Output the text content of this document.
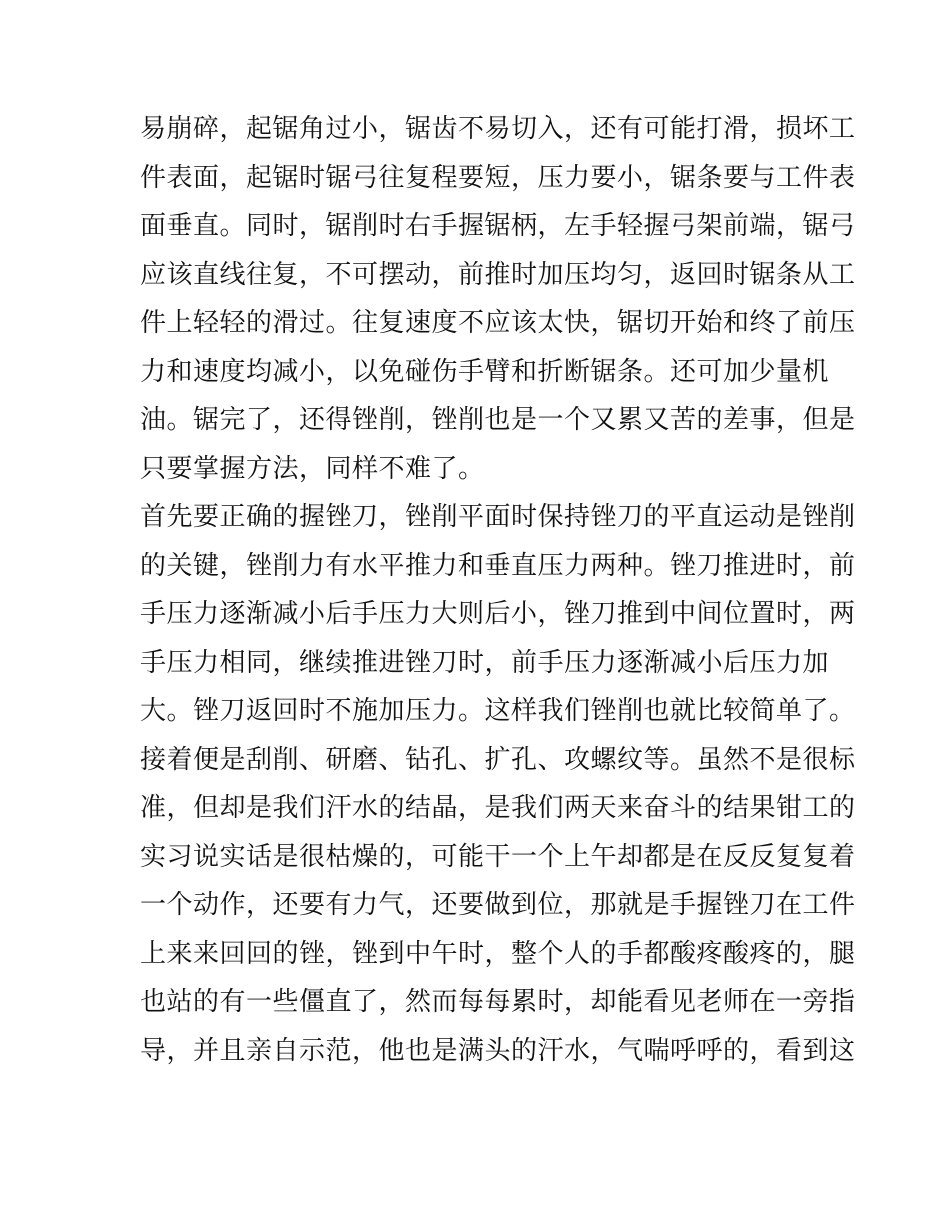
易崩碎，起锯角过小，锯齿不易切入，还有可能打滑，损坏工
件表面，起锯时锯弓往复程要短，压力要小，锯条要与工件表
面垂直。同时，锯削时右手握锯柄，左手轻握弓架前端，锯弓
应该直线往复，不可摆动，前推时加压均匀，返回时锯条从工
件上轻轻的滑过。往复速度不应该太快，锯切开始和终了前压
力和速度均减小，以免碰伤手臂和折断锯条。还可加少量机
油。锯完了，还得锉削，锉削也是一个又累又苦的差事，但是
只要掌握方法，同样不难了。
首先要正确的握锉刀，锉削平面时保持锉刀的平直运动是锉削
的关键，锉削力有水平推力和垂直压力两种。锉刀推进时，前
手压力逐渐减小后手压力大则后小，锉刀推到中间位置时，两
手压力相同，继续推进锉刀时，前手压力逐渐减小后压力加
大。锉刀返回时不施加压力。这样我们锉削也就比较简单了。
接着便是刮削、研磨、钻孔、扩孔、攻螺纹等。虽然不是很标
准，但却是我们汗水的结晶，是我们两天来奋斗的结果钳工的
实习说实话是很枯燥的，可能干一个上午却都是在反反复复着
一个动作，还要有力气，还要做到位，那就是手握锉刀在工件
上来来回回的锉，锉到中午时，整个人的手都酸疼酸疼的，腿
也站的有一些僵直了，然而每每累时，却能看见老师在一旁指
导，并且亲自示范，他也是满头的汗水，气喘呼呼的，看到这
